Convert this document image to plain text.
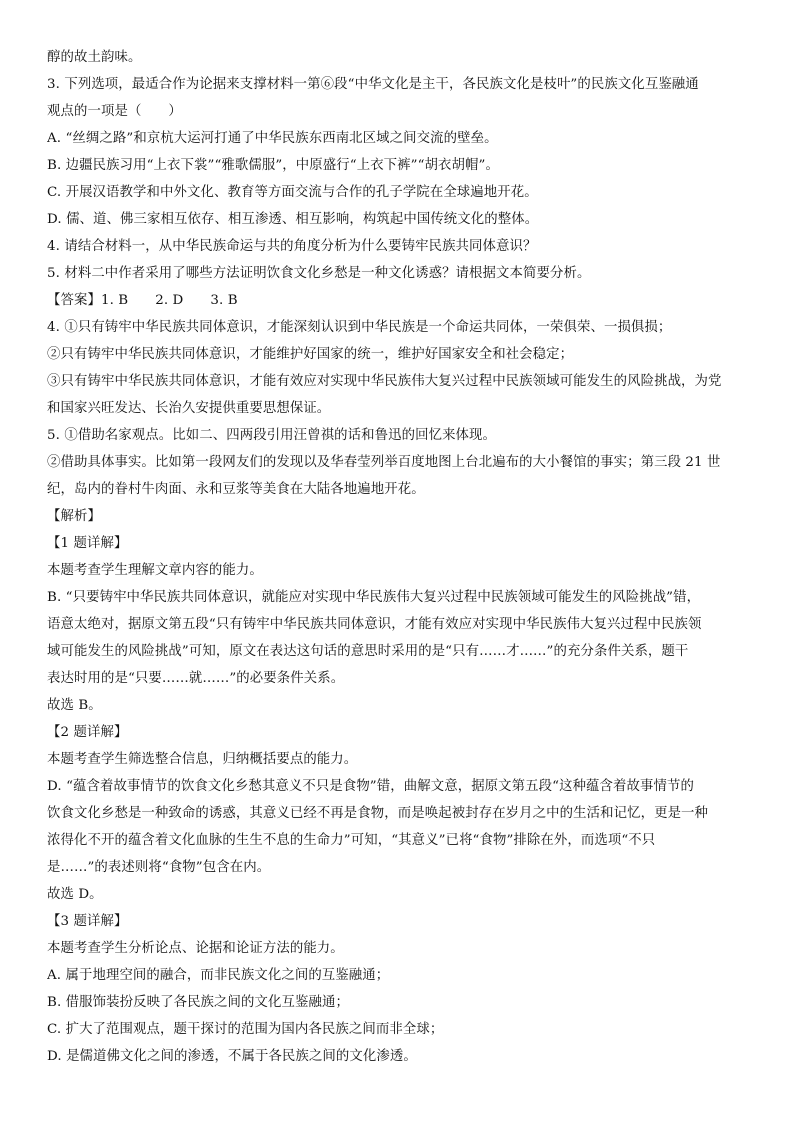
醇的故土韵味。
3. 下列选项，最适合作为论据来支撑材料一第⑥段“中华文化是主干，各民族文化是枝叶”的民族文化互鉴融通
观点的一项是（　　）
A. “丝绸之路”和京杭大运河打通了中华民族东西南北区域之间交流的壁垒。
B. 边疆民族习用“上衣下裳”“雅歌儒服”，中原盛行“上衣下裤”“胡衣胡帽”。
C. 开展汉语教学和中外文化、教育等方面交流与合作的孔子学院在全球遍地开花。
D. 儒、道、佛三家相互依存、相互渗透、相互影响，构筑起中国传统文化的整体。
4. 请结合材料一，从中华民族命运与共的角度分析为什么要铸牢民族共同体意识？
5. 材料二中作者采用了哪些方法证明饮食文化乡愁是一种文化诱惑？请根据文本简要分析。
【答案】1. B　　2. D　　3. B
4. ①只有铸牢中华民族共同体意识，才能深刻认识到中华民族是一个命运共同体，一荣俱荣、一损俱损；
②只有铸牢中华民族共同体意识，才能维护好国家的统一，维护好国家安全和社会稳定；
③只有铸牢中华民族共同体意识，才能有效应对实现中华民族伟大复兴过程中民族领域可能发生的风险挑战，为党
和国家兴旺发达、长治久安提供重要思想保证。
5. ①借助名家观点。比如二、四两段引用汪曾祺的话和鲁迅的回忆来体现。
②借助具体事实。比如第一段网友们的发现以及华春莹列举百度地图上台北遍布的大小餐馆的事实；第三段 21 世
纪，岛内的眷村牛肉面、永和豆浆等美食在大陆各地遍地开花。
【解析】
【1 题详解】
本题考查学生理解文章内容的能力。
B. “只要铸牢中华民族共同体意识，就能应对实现中华民族伟大复兴过程中民族领域可能发生的风险挑战”错，
语意太绝对，据原文第五段“只有铸牢中华民族共同体意识，才能有效应对实现中华民族伟大复兴过程中民族领
域可能发生的风险挑战”可知，原文在表达这句话的意思时采用的是“只有……才……”的充分条件关系，题干
表达时用的是“只要……就……”的必要条件关系。
故选 B。
【2 题详解】
本题考查学生筛选整合信息，归纳概括要点的能力。
D. “蕴含着故事情节的饮食文化乡愁其意义不只是食物”错，曲解文意，据原文第五段“这种蕴含着故事情节的
饮食文化乡愁是一种致命的诱惑，其意义已经不再是食物，而是唤起被封存在岁月之中的生活和记忆，更是一种
浓得化不开的蕴含着文化血脉的生生不息的生命力”可知，“其意义”已将“食物”排除在外，而选项“不只
是……”的表述则将“食物”包含在内。
故选 D。
【3 题详解】
本题考查学生分析论点、论据和论证方法的能力。
A. 属于地理空间的融合，而非民族文化之间的互鉴融通；
B. 借服饰装扮反映了各民族之间的文化互鉴融通；
C. 扩大了范围观点，题干探讨的范围为国内各民族之间而非全球；
D. 是儒道佛文化之间的渗透，不属于各民族之间的文化渗透。
